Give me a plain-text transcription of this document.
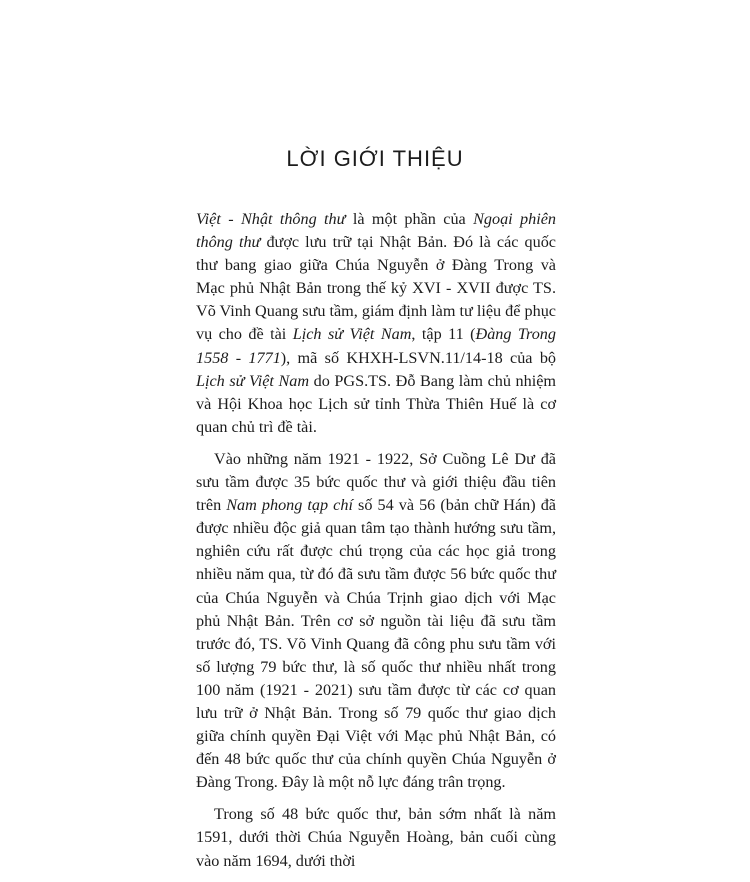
LỜI GIỚI THIỆU

Việt - Nhật thông thư là một phần của Ngoại phiên thông thư được lưu trữ tại Nhật Bản. Đó là các quốc thư bang giao giữa Chúa Nguyễn ở Đàng Trong và Mạc phủ Nhật Bản trong thế kỷ XVI - XVII được TS. Võ Vinh Quang sưu tầm, giám định làm tư liệu để phục vụ cho đề tài Lịch sử Việt Nam, tập 11 (Đàng Trong 1558 - 1771), mã số KHXH-LSVN.11/14-18 của bộ Lịch sử Việt Nam do PGS.TS. Đỗ Bang làm chủ nhiệm và Hội Khoa học Lịch sử tỉnh Thừa Thiên Huế là cơ quan chủ trì đề tài.

Vào những năm 1921 - 1922, Sở Cuồng Lê Dư đã sưu tầm được 35 bức quốc thư và giới thiệu đầu tiên trên Nam phong tạp chí số 54 và 56 (bản chữ Hán) đã được nhiều độc giả quan tâm tạo thành hướng sưu tầm, nghiên cứu rất được chú trọng của các học giả trong nhiều năm qua, từ đó đã sưu tầm được 56 bức quốc thư của Chúa Nguyễn và Chúa Trịnh giao dịch với Mạc phủ Nhật Bản. Trên cơ sở nguồn tài liệu đã sưu tầm trước đó, TS. Võ Vinh Quang đã công phu sưu tầm với số lượng 79 bức thư, là số quốc thư nhiều nhất trong 100 năm (1921 - 2021) sưu tầm được từ các cơ quan lưu trữ ở Nhật Bản. Trong số 79 quốc thư giao dịch giữa chính quyền Đại Việt với Mạc phủ Nhật Bản, có đến 48 bức quốc thư của chính quyền Chúa Nguyễn ở Đàng Trong. Đây là một nỗ lực đáng trân trọng.

Trong số 48 bức quốc thư, bản sớm nhất là năm 1591, dưới thời Chúa Nguyễn Hoàng, bản cuối cùng vào năm 1694, dưới thời
